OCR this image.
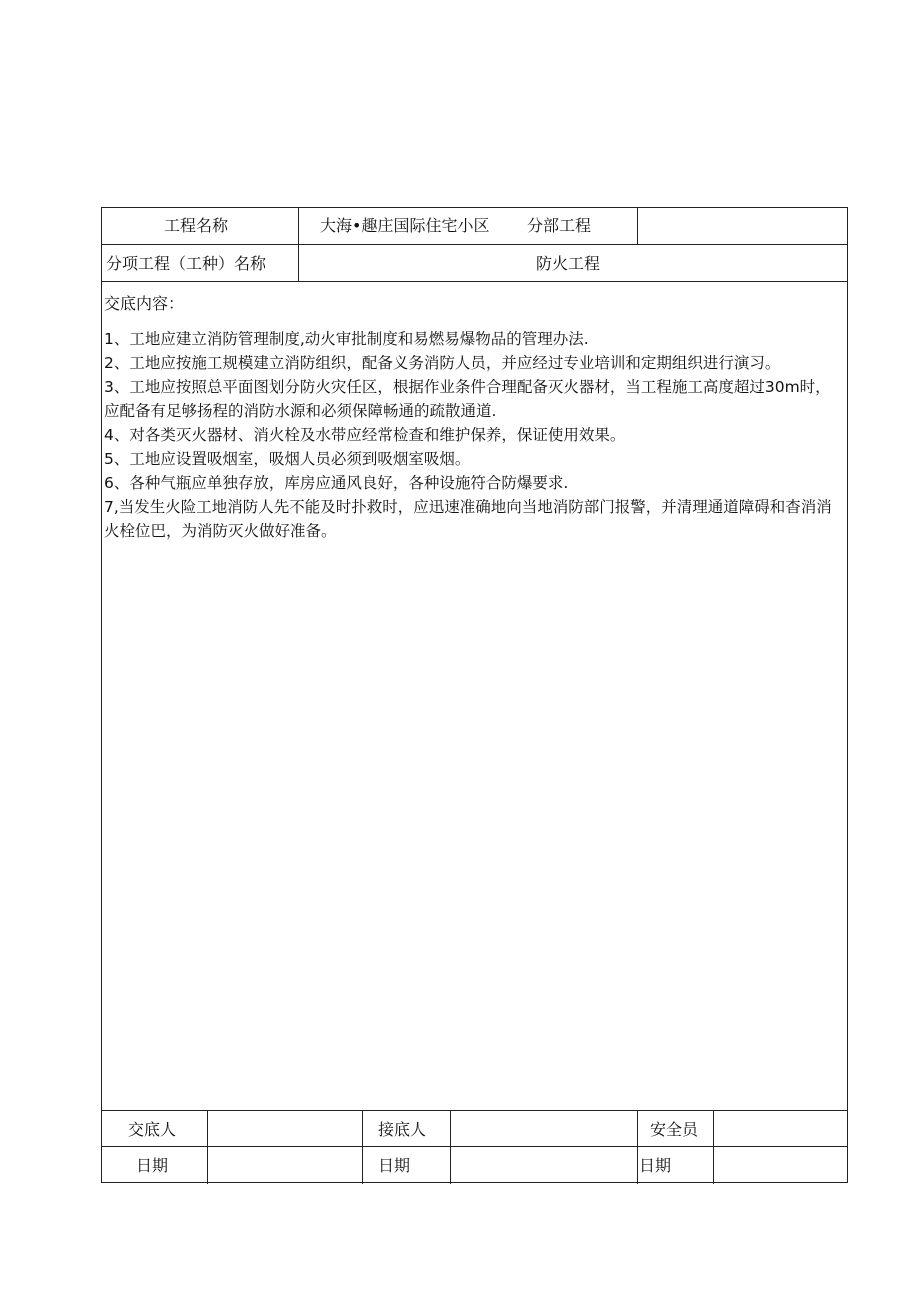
工程名称	大海•趣庄国际住宅小区 分部工程
分项工程（工种）名称	防火工程
交底内容：

1、工地应建立消防管理制度,动火审批制度和易燃易爆物品的管理办法.

2、工地应按施工规模建立消防组织，配备义务消防人员，并应经过专业培训和定期组织进行演习。

3、工地应按照总平面图划分防火灾任区，根据作业条件合理配备灭火器材，当工程施工高度超过30m时，应配备有足够扬程的消防水源和必须保障畅通的疏散通道.

4、对各类灭火器材、消火栓及水带应经常检查和维护保养，保证使用效果。

5、工地应设置吸烟室，吸烟人员必须到吸烟室吸烟。

6、各种气瓶应单独存放，库房应通风良好，各种设施符合防爆要求.

7,当发生火险工地消防人先不能及时扑救时，应迅速准确地向当地消防部门报警，并清理通道障碍和杳消消火栓位巴，为消防灭火做好准备。

交底人	接底人	安全员
日期	日期	日期
